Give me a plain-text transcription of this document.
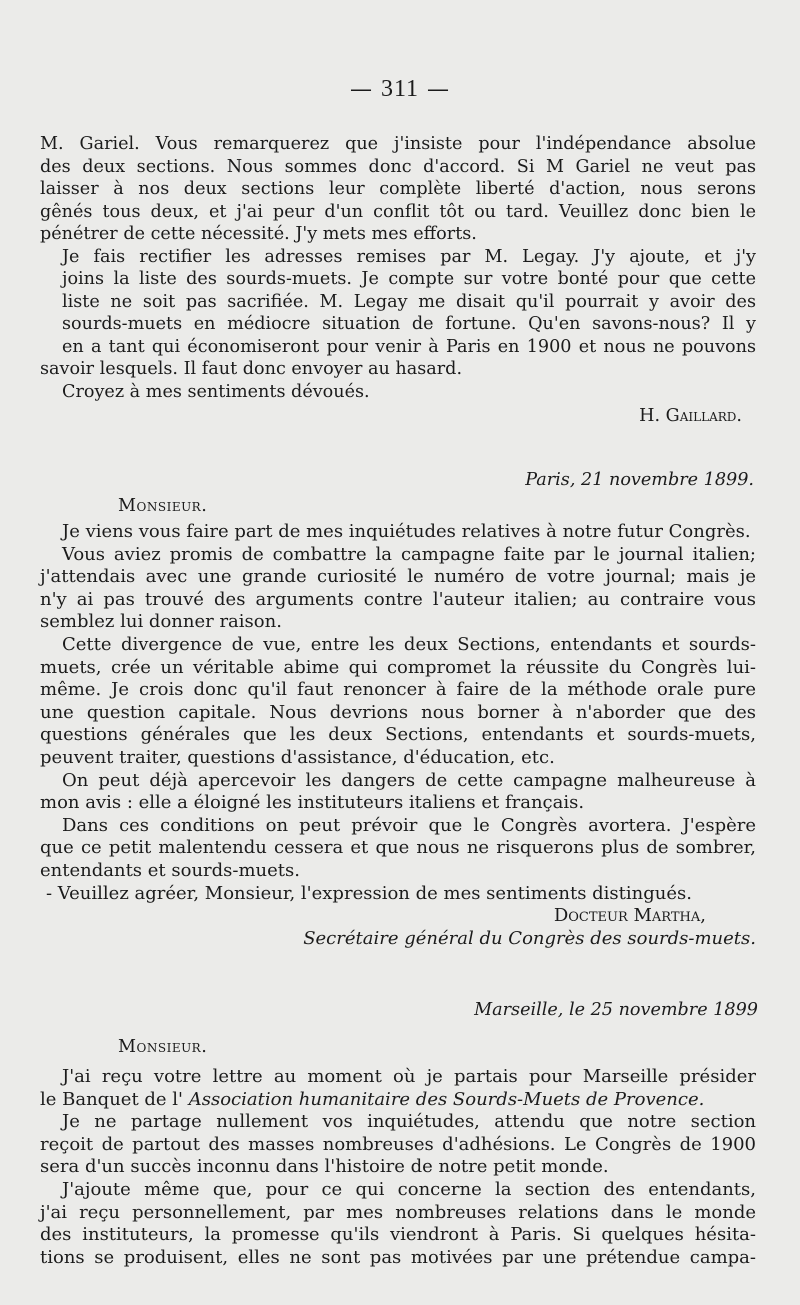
— 311 —

M. Gariel. Vous remarquerez que j'insiste pour l'indépendance absolue
des deux sections. Nous sommes donc d'accord. Si M Gariel ne veut pas
laisser à nos deux sections leur complète liberté d'action, nous serons
gênés tous deux, et j'ai peur d'un conflit tôt ou tard. Veuillez donc bien le
pénétrer de cette nécessité. J'y mets mes efforts.

Je fais rectifier les adresses remises par M. Legay. J'y ajoute, et j'y
joins la liste des sourds-muets. Je compte sur votre bonté pour que cette
liste ne soit pas sacrifiée. M. Legay me disait qu'il pourrait y avoir des
sourds-muets en médiocre situation de fortune. Qu'en savons-nous? Il y
en a tant qui économiseront pour venir à Paris en 1900 et nous ne pouvons
savoir lesquels. Il faut donc envoyer au hasard.

Croyez à mes sentiments dévoués.

H. Gaillard.

Paris, 21 novembre 1899.
Monsieur.

Je viens vous faire part de mes inquiétudes relatives à notre futur Congrès.

Vous aviez promis de combattre la campagne faite par le journal italien;
j'attendais avec une grande curiosité le numéro de votre journal; mais je
n'y ai pas trouvé des arguments contre l'auteur italien; au contraire vous
semblez lui donner raison.

Cette divergence de vue, entre les deux Sections, entendants et sourds-
muets, crée un véritable abime qui compromet la réussite du Congrès lui-
même. Je crois donc qu'il faut renoncer à faire de la méthode orale pure
une question capitale. Nous devrions nous borner à n'aborder que des
questions générales que les deux Sections, entendants et sourds-muets,
peuvent traiter, questions d'assistance, d'éducation, etc.

On peut déjà apercevoir les dangers de cette campagne malheureuse à
mon avis : elle a éloigné les instituteurs italiens et français.

Dans ces conditions on peut prévoir que le Congrès avortera. J'espère
que ce petit malentendu cessera et que nous ne risquerons plus de sombrer,
entendants et sourds-muets.

- Veuillez agréer, Monsieur, l'expression de mes sentiments distingués.

Docteur Martha,

Secrétaire général du Congrès des sourds-muets.

Marseille, le 25 novembre 1899
Monsieur.

J'ai reçu votre lettre au moment où je partais pour Marseille présider
le Banquet de l' Association humanitaire des Sourds-Muets de Provence.

Je ne partage nullement vos inquiétudes, attendu que notre section
reçoit de partout des masses nombreuses d'adhésions. Le Congrès de 1900
sera d'un succès inconnu dans l'histoire de notre petit monde.

J'ajoute même que, pour ce qui concerne la section des entendants,
j'ai reçu personnellement, par mes nombreuses relations dans le monde
des instituteurs, la promesse qu'ils viendront à Paris. Si quelques hésita-
tions se produisent, elles ne sont pas motivées par une prétendue campa-
